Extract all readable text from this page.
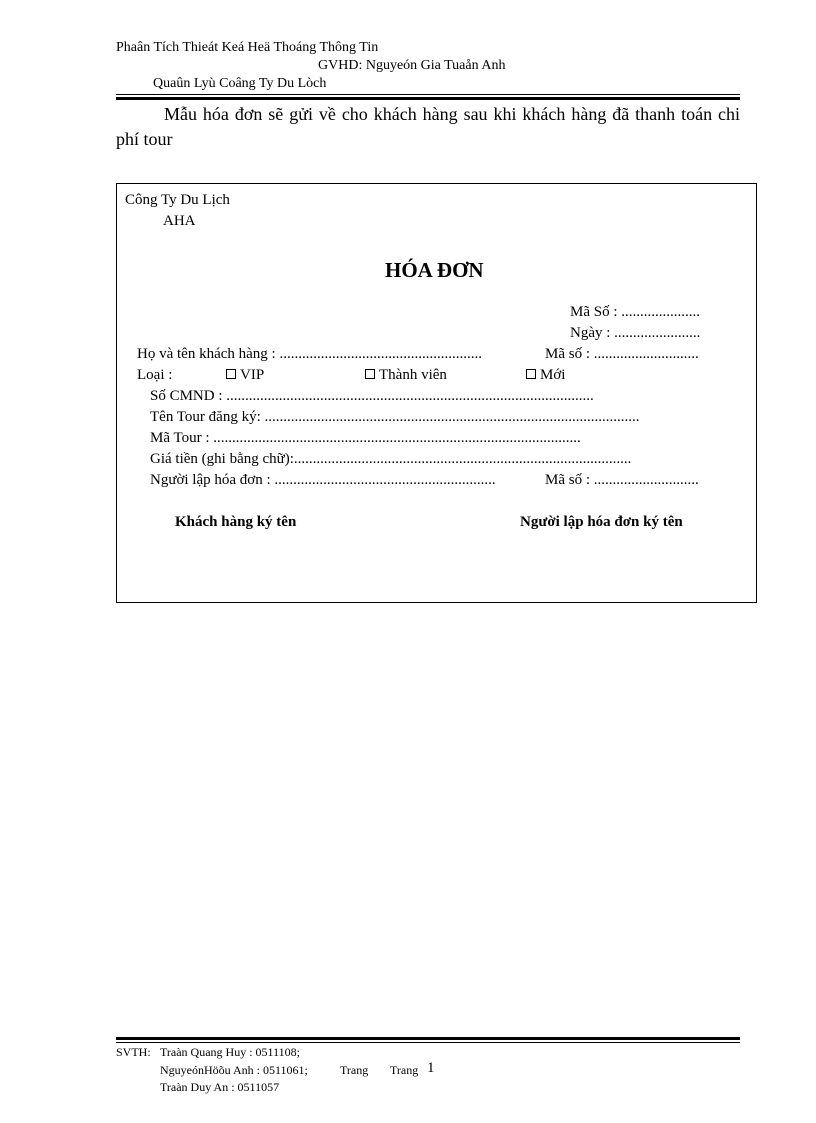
Phaân Tích Thieát Keá Heä Thoáng Thông Tin
GVHD: Nguyeón Gia Tuaån Anh
Quaûn Lyù Coâng Ty Du Lòch
Mẫu hóa đơn sẽ gửi về cho khách hàng sau khi khách hàng đã thanh toán chi phí tour
Công Ty Du Lịch
AHA
HÓA ĐƠN
Mã Số : .....................
Ngày : .......................
Họ và tên khách hàng : ......................................................	Mã số : ............................
Loại :	VIP	Thành viên	Mới
Số CMND : ..................................................................................................
Tên Tour đăng ký: ....................................................................................................
Mã Tour : ..................................................................................................
Giá tiền (ghi bằng chữ):..........................................................................................
Người lập hóa đơn : ...........................................................	Mã số : ............................
Khách hàng ký tên	Người lập hóa đơn ký tên
SVTH: Traàn Quang Huy : 0511108;
NguyeónHöõu Anh : 0511061;	Trang Trang 1
Traàn Duy An : 0511057
